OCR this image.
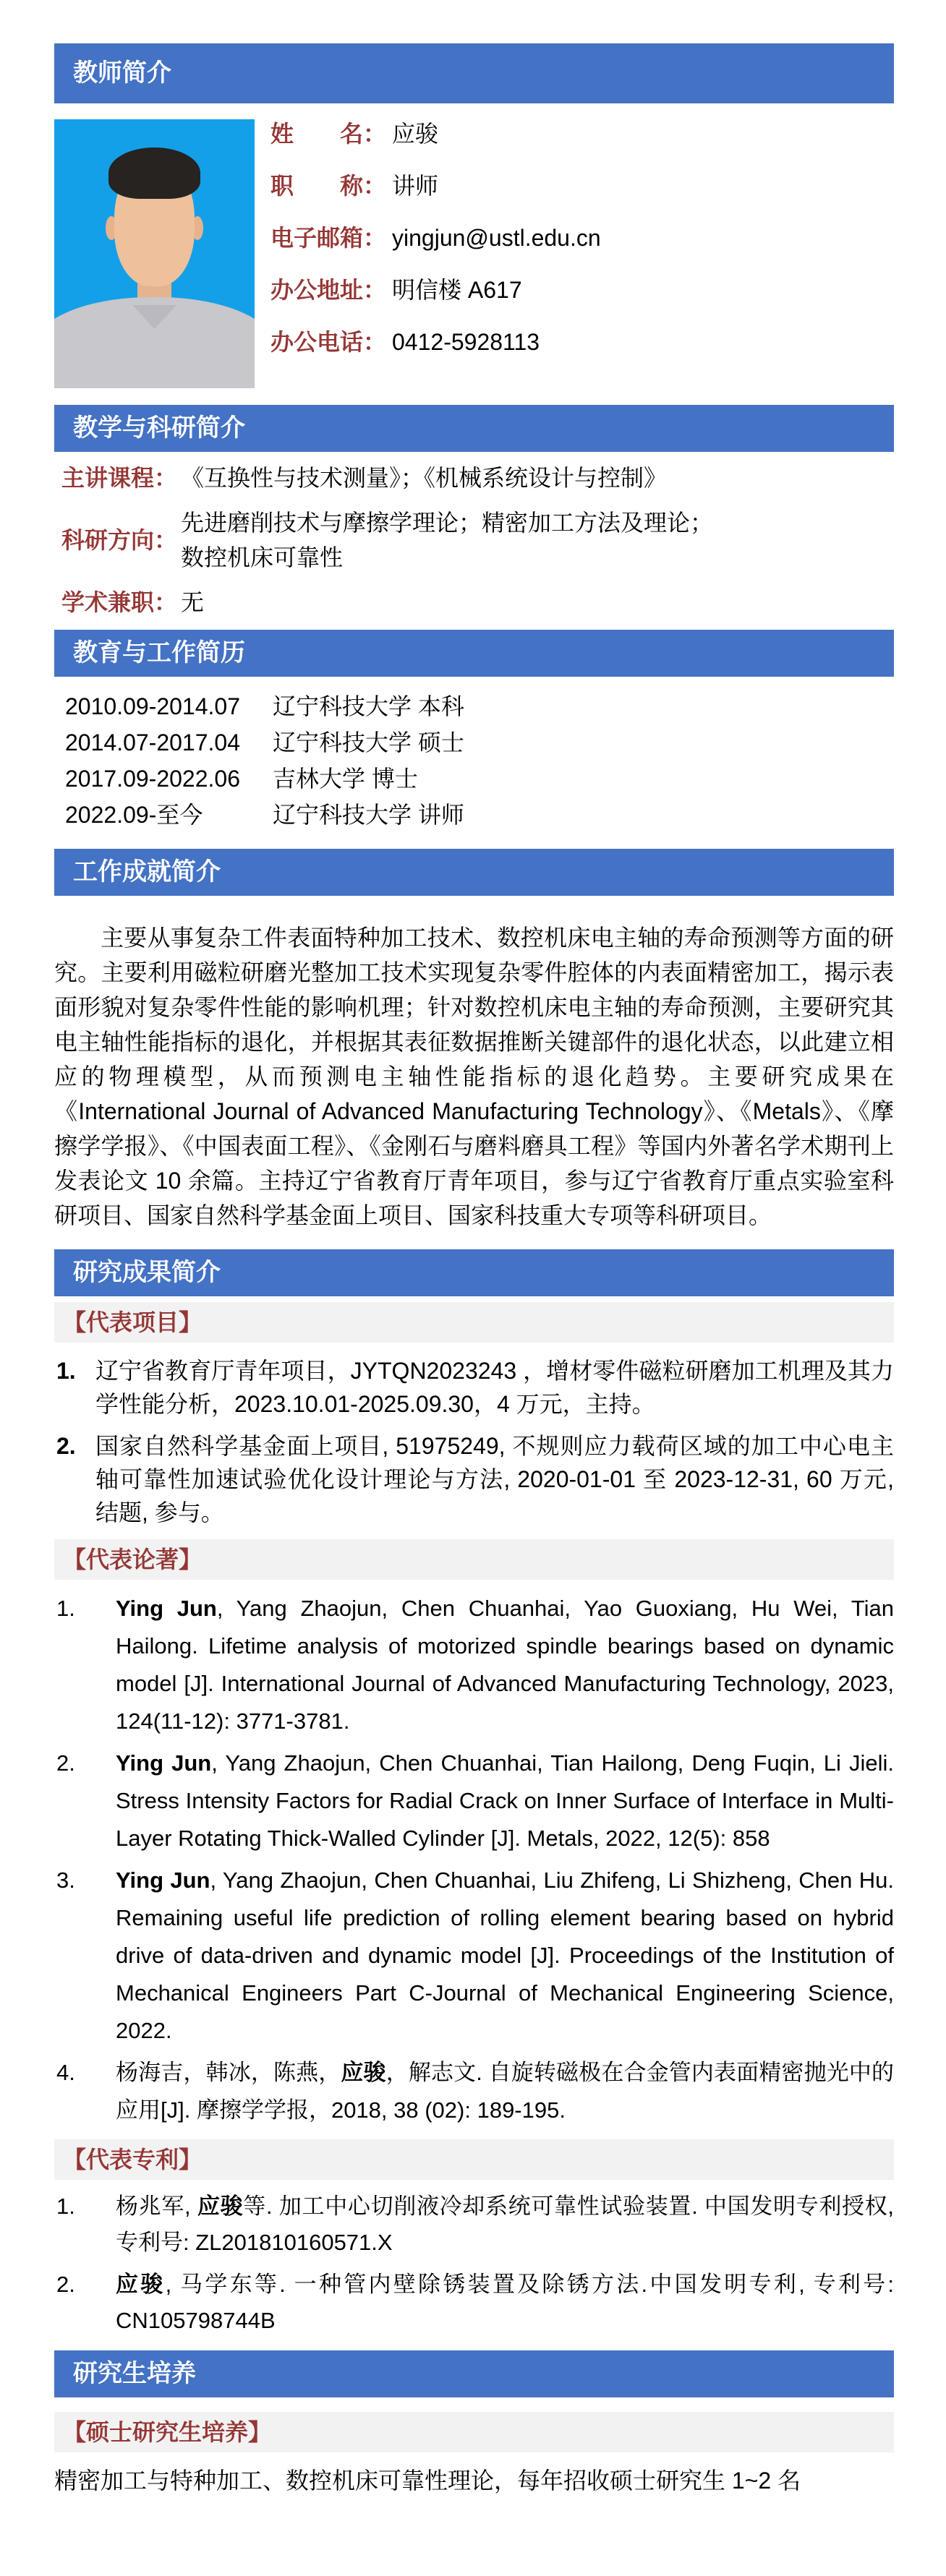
教师简介
姓　　名： 应骏
职　　称： 讲师
电子邮箱： yingjun@ustl.edu.cn
办公地址： 明信楼 A617
办公电话： 0412-5928113
教学与科研简介
主讲课程： 《互换性与技术测量》；《机械系统设计与控制》
科研方向：
先进磨削技术与摩擦学理论；精密加工方法及理论；
数控机床可靠性
学术兼职： 无
教育与工作简历
2010.09-2014.07	辽宁科技大学 本科
2014.07-2017.04	辽宁科技大学 硕士
2017.09-2022.06	吉林大学 博士
2022.09-至今	辽宁科技大学 讲师
工作成就简介

主要从事复杂工件表面特种加工技术、数控机床电主轴的寿命预测等方面的研究。主要利用磁粒研磨光整加工技术实现复杂零件腔体的内表面精密加工，揭示表面形貌对复杂零件性能的影响机理；针对数控机床电主轴的寿命预测，主要研究其电主轴性能指标的退化，并根据其表征数据推断关键部件的退化状态，以此建立相应的物理模型，从而预测电主轴性能指标的退化趋势。主要研究成果在《International Journal of Advanced Manufacturing Technology》、《Metals》、《摩擦学学报》、《中国表面工程》、《金刚石与磨料磨具工程》等国内外著名学术期刊上发表论文 10 余篇。主持辽宁省教育厅青年项目，参与辽宁省教育厅重点实验室科研项目、国家自然科学基金面上项目、国家科技重大专项等科研项目。

研究成果简介
【代表项目】
1. 辽宁省教育厅青年项目，JYTQN2023243 ，增材零件磁粒研磨加工机理及其力学性能分析，2023.10.01-2025.09.30，4 万元，主持。
2. 国家自然科学基金面上项目, 51975249, 不规则应力载荷区域的加工中心电主轴可靠性加速试验优化设计理论与方法, 2020-01-01 至 2023-12-31, 60 万元, 结题, 参与。
【代表论著】
1. Ying Jun, Yang Zhaojun, Chen Chuanhai, Yao Guoxiang, Hu Wei, Tian Hailong. Lifetime analysis of motorized spindle bearings based on dynamic model [J]. International Journal of Advanced Manufacturing Technology, 2023, 124(11-12): 3771-3781.
2. Ying Jun, Yang Zhaojun, Chen Chuanhai, Tian Hailong, Deng Fuqin, Li Jieli. Stress Intensity Factors for Radial Crack on Inner Surface of Interface in Multi-Layer Rotating Thick-Walled Cylinder [J]. Metals, 2022, 12(5): 858
3. Ying Jun, Yang Zhaojun, Chen Chuanhai, Liu Zhifeng, Li Shizheng, Chen Hu. Remaining useful life prediction of rolling element bearing based on hybrid drive of data-driven and dynamic model [J]. Proceedings of the Institution of Mechanical Engineers Part C-Journal of Mechanical Engineering Science, 2022.
4. 杨海吉，韩冰，陈燕，应骏，解志文. 自旋转磁极在合金管内表面精密抛光中的应用[J]. 摩擦学学报，2018, 38 (02): 189-195.
【代表专利】
1. 杨兆军, 应骏等. 加工中心切削液冷却系统可靠性试验装置. 中国发明专利授权, 专利号: ZL201810160571.X
2. 应骏, 马学东等. 一种管内壁除锈装置及除锈方法.中国发明专利, 专利号: CN105798744B
研究生培养
【硕士研究生培养】
精密加工与特种加工、数控机床可靠性理论，每年招收硕士研究生 1~2 名
